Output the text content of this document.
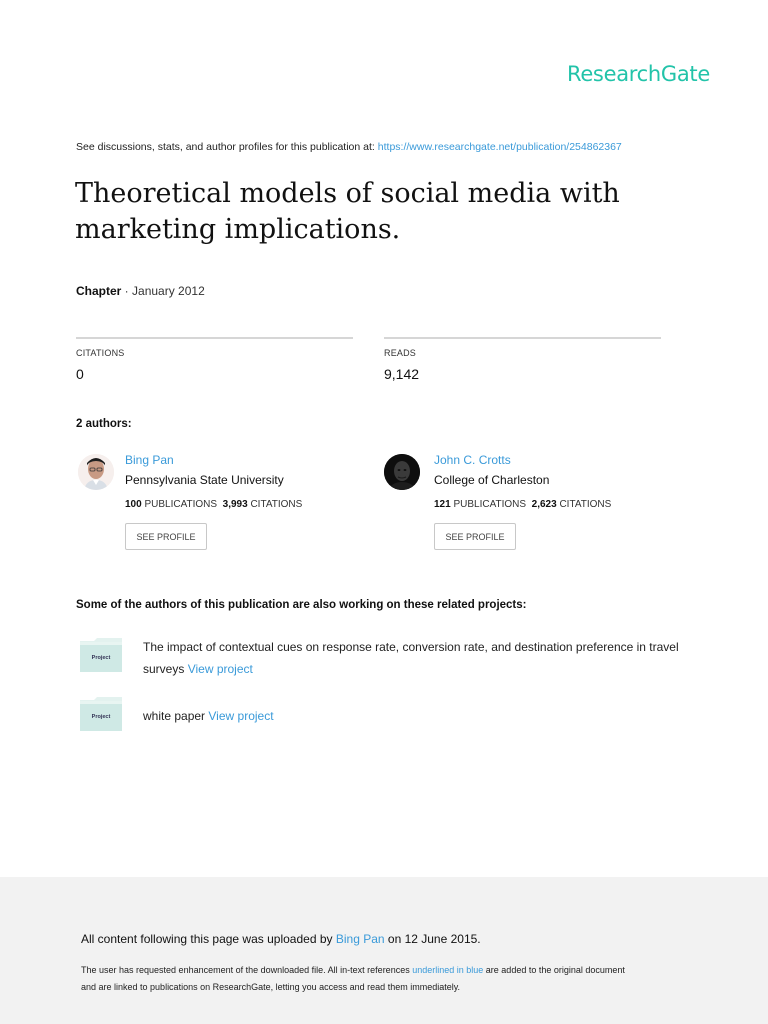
ResearchGate
See discussions, stats, and author profiles for this publication at: https://www.researchgate.net/publication/254862367
Theoretical models of social media with
marketing implications.
Chapter · January 2012
CITATIONS
0
READS
9,142
2 authors:
Bing Pan
Pennsylvania State University
100 PUBLICATIONS 3,993 CITATIONS
SEE PROFILE
John C. Crotts
College of Charleston
121 PUBLICATIONS 2,623 CITATIONS
SEE PROFILE
Some of the authors of this publication are also working on these related projects:
Project
The impact of contextual cues on response rate, conversion rate, and destination preference in travel
surveys View project
Project	white paper View project
All content following this page was uploaded by Bing Pan on 12 June 2015.
The user has requested enhancement of the downloaded file. All in-text references underlined in blue are added to the original document
and are linked to publications on ResearchGate, letting you access and read them immediately.
